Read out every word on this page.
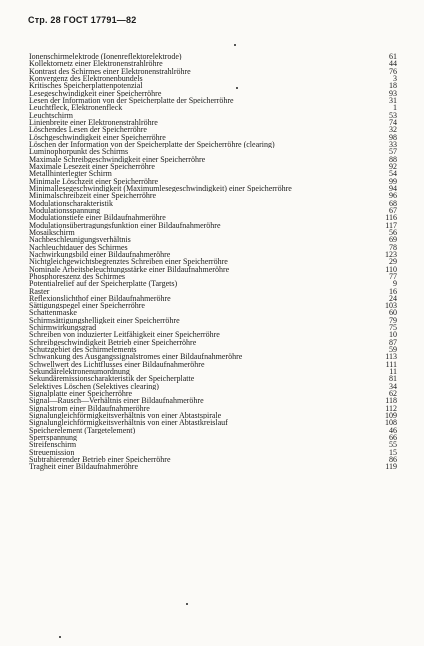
Стр. 28 ГОСТ 17791—82
Ionenschirmelektrode (Ionenreflektorelektrode)	61
Kollektornetz einer Elektronenstrahlröhre	44
Kontrast des Schirmes einer Elektronenstrahlröhre	76
Konvergenz des Elektronenbundels	3
Kritisches Speicherplattenpotenzial	18
Lesegeschwindigkeit einer Speicherröhre	93
Lesen der Information von der Speicherplatte der Speicherröhre	31
Leuchtfleck, Elektronenfleck	1
Leuchtschirm	53
Linienbreite einer Elektronenstrahlröhre	74
Löschendes Lesen der Speicherröhre	32
Löschgeschwindigkeit einer Speicherröhre	98
Löschen der Information von der Speicherplatte der Speicherröhre (clearing)	33
Luminophorpunkt des Schirms	57
Maximale Schreibgeschwindigkeit einer Speicherröhre	88
Maximale Lesezeit einer Speicherröhre	92
Metallhinterlegter Schirm	54
Minimale Löschzeit einer Speicherröhre	99
Minimallesegeschwindigkeit (Maximumlesegeschwindigkeit) einer Speicherröhre	94
Minimalschreibzeit einer Speicherröhre	96
Modulationscharakteristik	68
Modulationsspannung	67
Modulationstiefe einer Bildaufnahmeröhre	116
Modulationsübertragungsfunktion einer Bildaufnahmeröhre	117
Mosaikschirm	56
Nachbeschleunigungsverhältnis	69
Nachleuchtdauer des Schirmes	78
Nachwirkungsbild einer Bildaufnahmeröhre	123
Nichtgleichgewichtsbegrenztes Schreiben einer Speicherröhre	29
Nominale Arbeitsbeleuchtungsstärke einer Bildaufnahmeröhre	110
Phosphoreszenz des Schirmes	77
Potentialrelief auf der Speicherplatte (Targets)	9
Raster	16
Reflexionslichthof einer Bildaufnahmeröhre	24
Sättigungspegel einer Speicherröhre	103
Schattenmaske	60
Schirmsättigungshelligkeit einer Speicherröhre	79
Schirmwirkungsgrad	75
Schreiben von induzierter Leitfähigkeit einer Speicherröhre	10
Schreibgeschwindigkeit Betrieb einer Speicherröhre	87
Schutzgebiet des Schirmelements	59
Schwankung des Ausgangssignalstromes einer Bildaufnahmeröhre	113
Schwellwert des Lichtflusses einer Bildaufnahmeröhre	111
Sekundärelektronenumordnung	11
Sekundäremissionscharakteristik der Speicherplatte	81
Selektives Löschen (Selektives clearing)	34
Signalplatte einer Speicherröhre	62
Signal—Rausch—Verhältnis einer Bildaufnahmeröhre	118
Signalstrom einer Bildaufnahmeröhre	112
Signalungleichförmigkeitsverhältnis von einer Abtastspirale	109
Signalungleichförmigkeitsverhältnis von einer Abtastkreislauf	108
Speicherelement (Targetelement)	46
Sperrspannung	66
Streifenschirm	55
Streuemission	15
Subtrahierender Betrieb einer Speicherröhre	86
Tragheit einer Bildaufnahmeröhre	119
